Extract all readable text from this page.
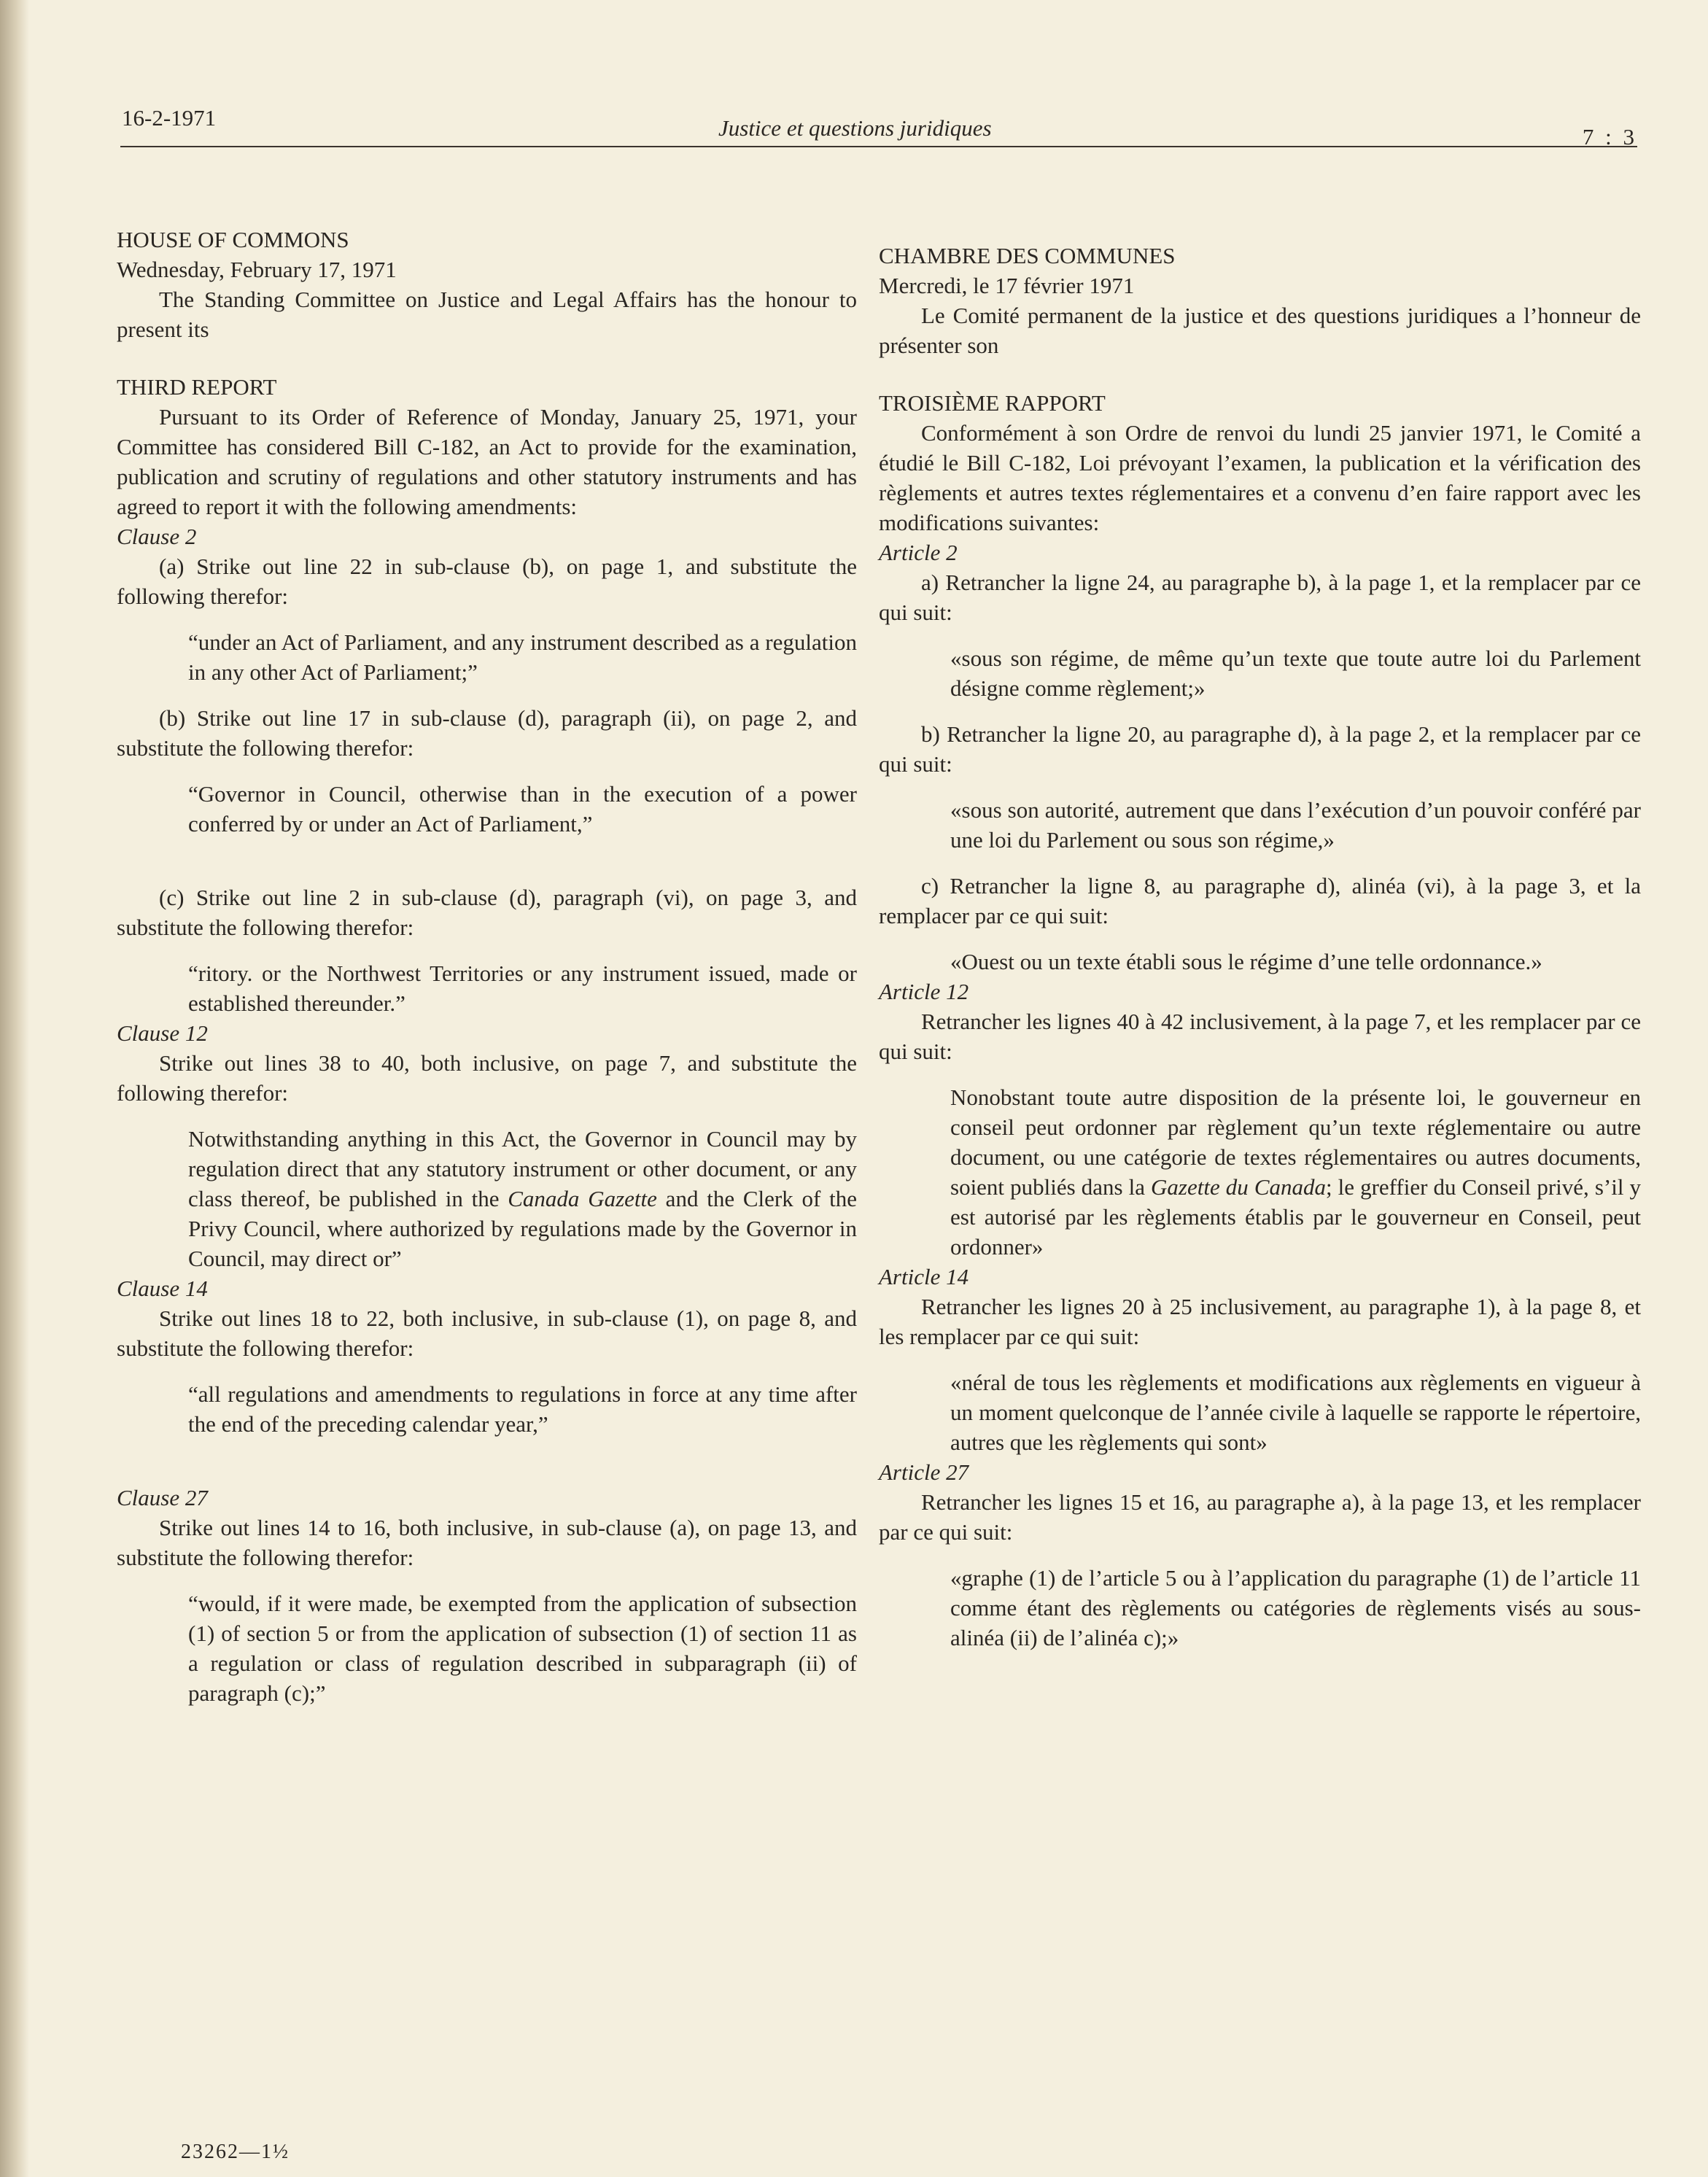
16-2-1971	Justice et questions juridiques	7 : 3

HOUSE OF COMMONS

Wednesday, February 17, 1971

The Standing Committee on Justice and Legal Affairs has the honour to present its

THIRD REPORT

Pursuant to its Order of Reference of Monday, January 25, 1971, your Committee has considered Bill C-182, an Act to provide for the examination, publication and scrutiny of regulations and other statutory instruments and has agreed to report it with the following amendments:

Clause 2

(a) Strike out line 22 in sub-clause (b), on page 1, and substitute the following therefor:

“under an Act of Parliament, and any instrument described as a regulation in any other Act of Parliament;”

(b) Strike out line 17 in sub-clause (d), paragraph (ii), on page 2, and substitute the following therefor:

“Governor in Council, otherwise than in the execution of a power conferred by or under an Act of Parliament,”

(c) Strike out line 2 in sub-clause (d), paragraph (vi), on page 3, and substitute the following therefor:

“ritory. or the Northwest Territories or any instrument issued, made or established thereunder.”

Clause 12

Strike out lines 38 to 40, both inclusive, on page 7, and substitute the following therefor:

Notwithstanding anything in this Act, the Governor in Council may by regulation direct that any statutory instrument or other document, or any class thereof, be published in the Canada Gazette and the Clerk of the Privy Council, where authorized by regulations made by the Governor in Council, may direct or”

Clause 14

Strike out lines 18 to 22, both inclusive, in sub-clause (1), on page 8, and substitute the following therefor:

“all regulations and amendments to regulations in force at any time after the end of the preceding calendar year,”

Clause 27

Strike out lines 14 to 16, both inclusive, in sub-clause (a), on page 13, and substitute the following therefor:

“would, if it were made, be exempted from the application of subsection (1) of section 5 or from the application of subsection (1) of section 11 as a regulation or class of regulation described in subparagraph (ii) of paragraph (c);”

CHAMBRE DES COMMUNES

Mercredi, le 17 février 1971

Le Comité permanent de la justice et des questions juridiques a l’honneur de présenter son

TROISIÈME RAPPORT

Conformément à son Ordre de renvoi du lundi 25 janvier 1971, le Comité a étudié le Bill C-182, Loi prévoyant l’examen, la publication et la vérification des règlements et autres textes réglementaires et a convenu d’en faire rapport avec les modifications suivantes:

Article 2

a) Retrancher la ligne 24, au paragraphe b), à la page 1, et la remplacer par ce qui suit:

«sous son régime, de même qu’un texte que toute autre loi du Parlement désigne comme règlement;»

b) Retrancher la ligne 20, au paragraphe d), à la page 2, et la remplacer par ce qui suit:

«sous son autorité, autrement que dans l’exécution d’un pouvoir conféré par une loi du Parlement ou sous son régime,»

c) Retrancher la ligne 8, au paragraphe d), alinéa (vi), à la page 3, et la remplacer par ce qui suit:

«Ouest ou un texte établi sous le régime d’une telle ordonnance.»

Article 12

Retrancher les lignes 40 à 42 inclusivement, à la page 7, et les remplacer par ce qui suit:

Nonobstant toute autre disposition de la présente loi, le gouverneur en conseil peut ordonner par règlement qu’un texte réglementaire ou autre document, ou une catégorie de textes réglementaires ou autres documents, soient publiés dans la Gazette du Canada; le greffier du Conseil privé, s’il y est autorisé par les règlements établis par le gouverneur en Conseil, peut ordonner»

Article 14

Retrancher les lignes 20 à 25 inclusivement, au paragraphe 1), à la page 8, et les remplacer par ce qui suit:

«néral de tous les règlements et modifications aux règlements en vigueur à un moment quelconque de l’année civile à laquelle se rapporte le répertoire, autres que les règlements qui sont»

Article 27

Retrancher les lignes 15 et 16, au paragraphe a), à la page 13, et les remplacer par ce qui suit:

«graphe (1) de l’article 5 ou à l’application du paragraphe (1) de l’article 11 comme étant des règlements ou catégories de règlements visés au sous-alinéa (ii) de l’alinéa c);»

23262—1½
